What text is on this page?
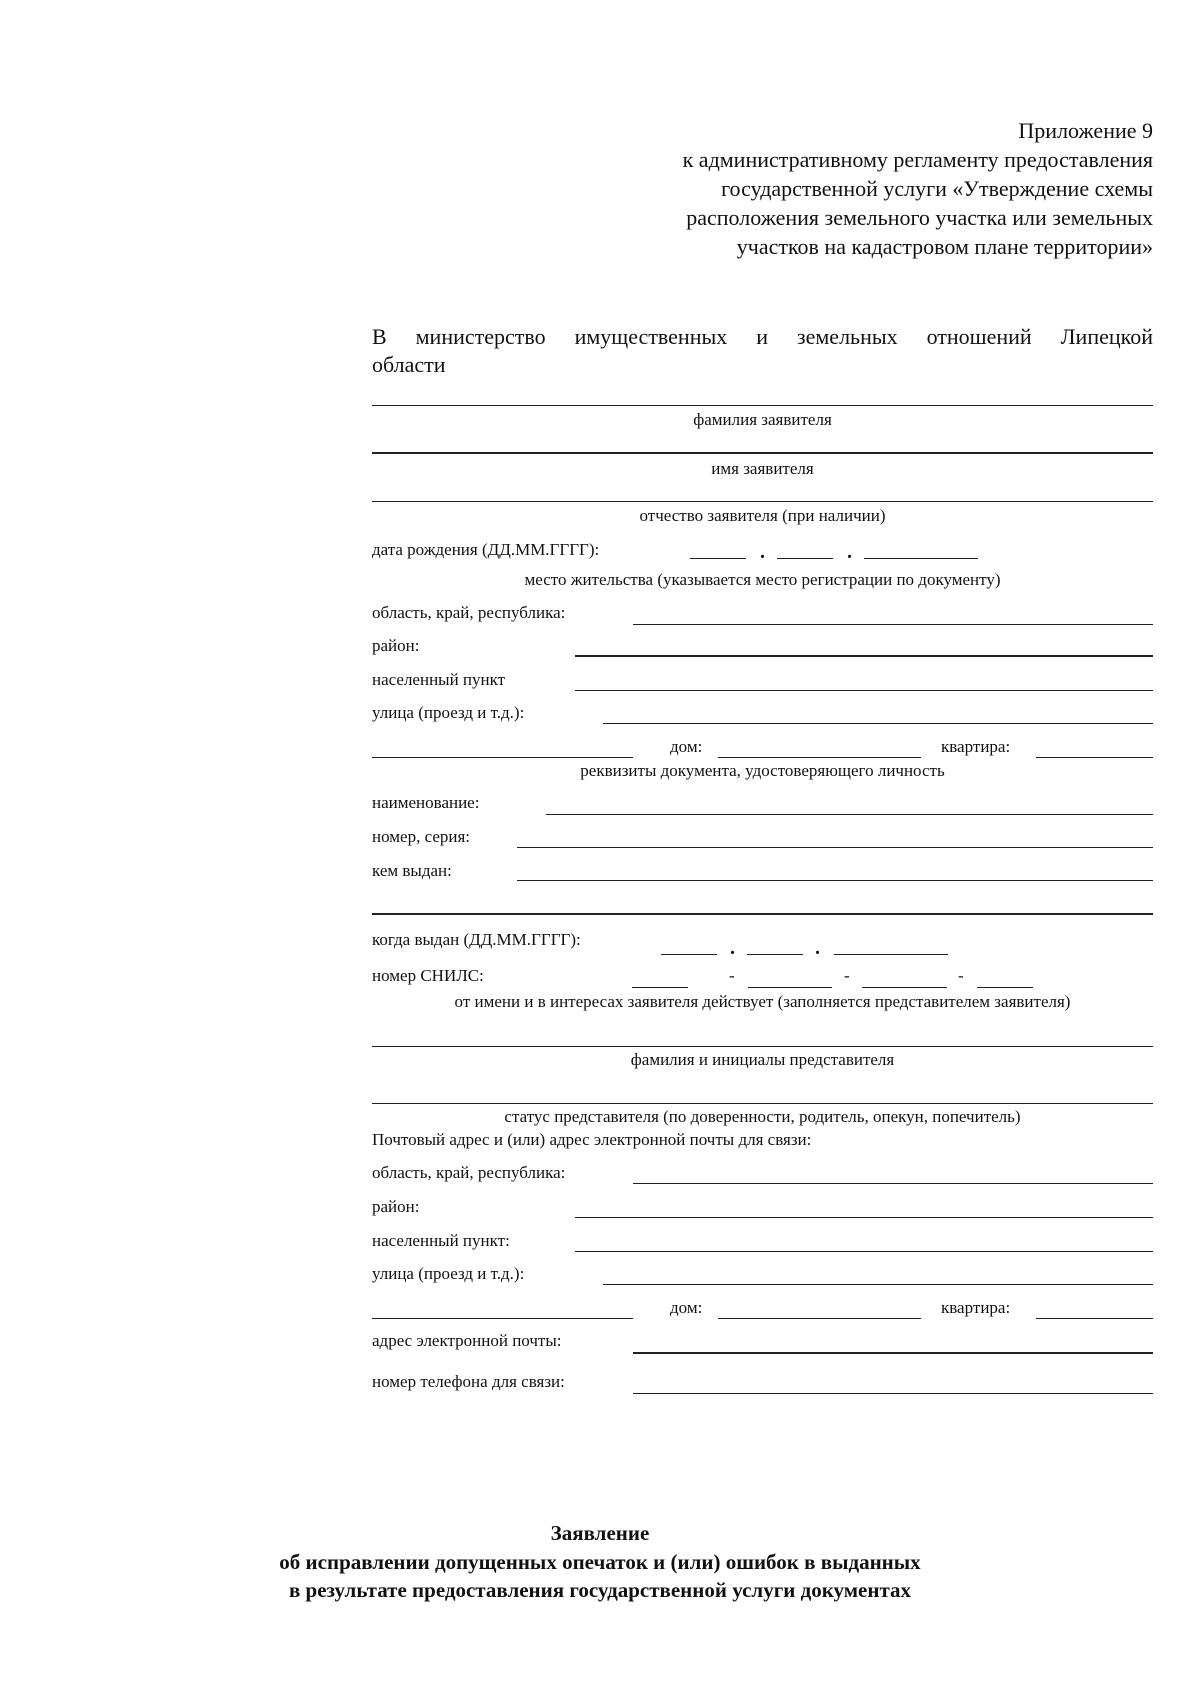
Приложение 9
к административному регламенту предоставления
государственной услуги «Утверждение схемы
расположения земельного участка или земельных
участков на кадастровом плане территории»
В министерство имущественных и земельных отношений Липецкой
области
фамилия заявителя
имя заявителя
отчество заявителя (при наличии)
дата рождения (ДД.ММ.ГГГГ):	.	.
место жительства (указывается место регистрации по документу)
область, край, республика:
район:
населенный пункт
улица (проезд и т.д.):
дом:	квартира:
реквизиты документа, удостоверяющего личность
наименование:
номер, серия:
кем выдан:
когда выдан (ДД.ММ.ГГГГ):	.	.
номер СНИЛС:	-	-	-
от имени и в интересах заявителя действует (заполняется представителем заявителя)
фамилия и инициалы представителя
статус представителя (по доверенности, родитель, опекун, попечитель)
Почтовый адрес и (или) адрес электронной почты для связи:
область, край, республика:
район:
населенный пункт:
улица (проезд и т.д.):
дом:	квартира:
адрес электронной почты:
номер телефона для связи:
Заявление
об исправлении допущенных опечаток и (или) ошибок в выданных
в результате предоставления государственной услуги документах
